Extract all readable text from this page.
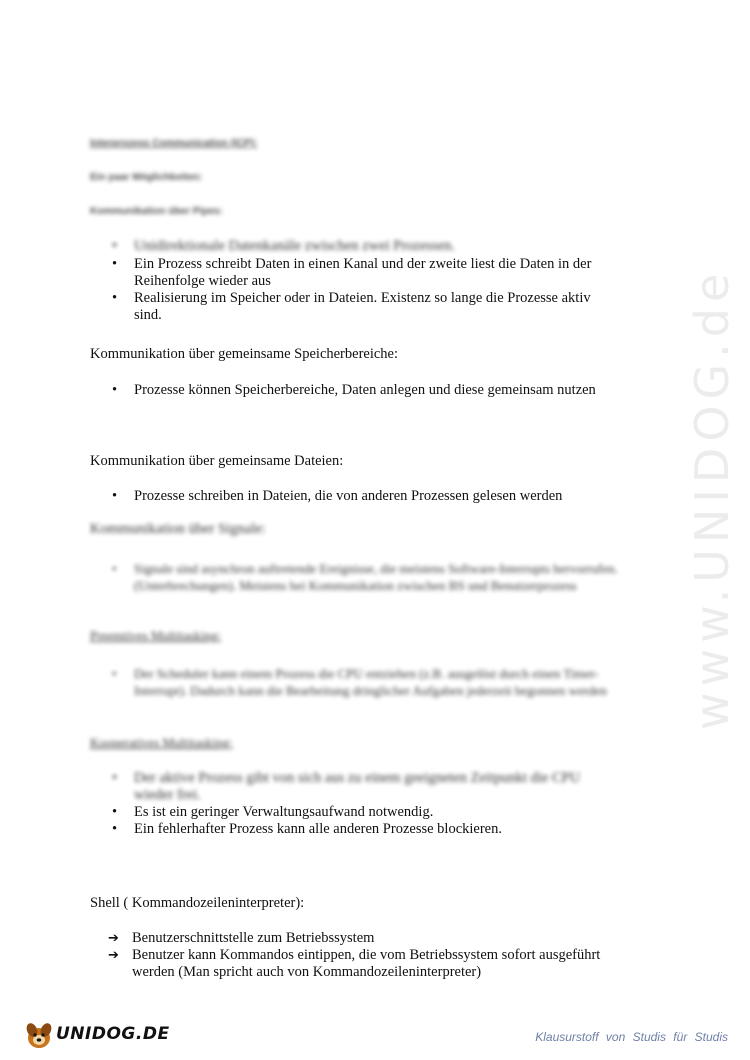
www.UNIDOG.de
Interprozess Communication (ICP):
Ein paar Möglichkeiten:
Kommunikation über Pipes:
• Unidirektionale Datenkanäle zwischen zwei Prozessen.
• Ein Prozess schreibt Daten in einen Kanal und der zweite liest die Daten in der Reihenfolge wieder aus
• Realisierung im Speicher oder in Dateien. Existenz so lange die Prozesse aktiv sind.
Kommunikation über gemeinsame Speicherbereiche:
• Prozesse können Speicherbereiche, Daten anlegen und diese gemeinsam nutzen
Kommunikation über gemeinsame Dateien:
• Prozesse schreiben in Dateien, die von anderen Prozessen gelesen werden
Kommunikation über Signale:
• Signale sind asynchron auftretende Ereignisse, die meistens Software-Interrupts hervorrufen. (Unterbrechungen). Meistens bei Kommunikation zwischen BS und Benutzerprozess
Preemtives Multitasking:
• Der Scheduler kann einem Prozess die CPU entziehen (z.B. ausgelöst durch einen Timer-Interrupt). Dadurch kann die Bearbeitung dringlicher Aufgaben jederzeit begonnen werden
Kooperatives Multitasking:
• Der aktive Prozess gibt von sich aus zu einem geeigneten Zeitpunkt die CPU wieder frei.
• Es ist ein geringer Verwaltungsaufwand notwendig.
• Ein fehlerhafter Prozess kann alle anderen Prozesse blockieren.
Shell ( Kommandozeileninterpreter):
➔ Benutzerschnittstelle zum Betriebssystem
➔ Benutzer kann Kommandos eintippen, die vom Betriebssystem sofort ausgeführt werden (Man spricht auch von Kommandozeileninterpreter)
UNIDOG.DE	Klausurstoff von Studis für Studis
